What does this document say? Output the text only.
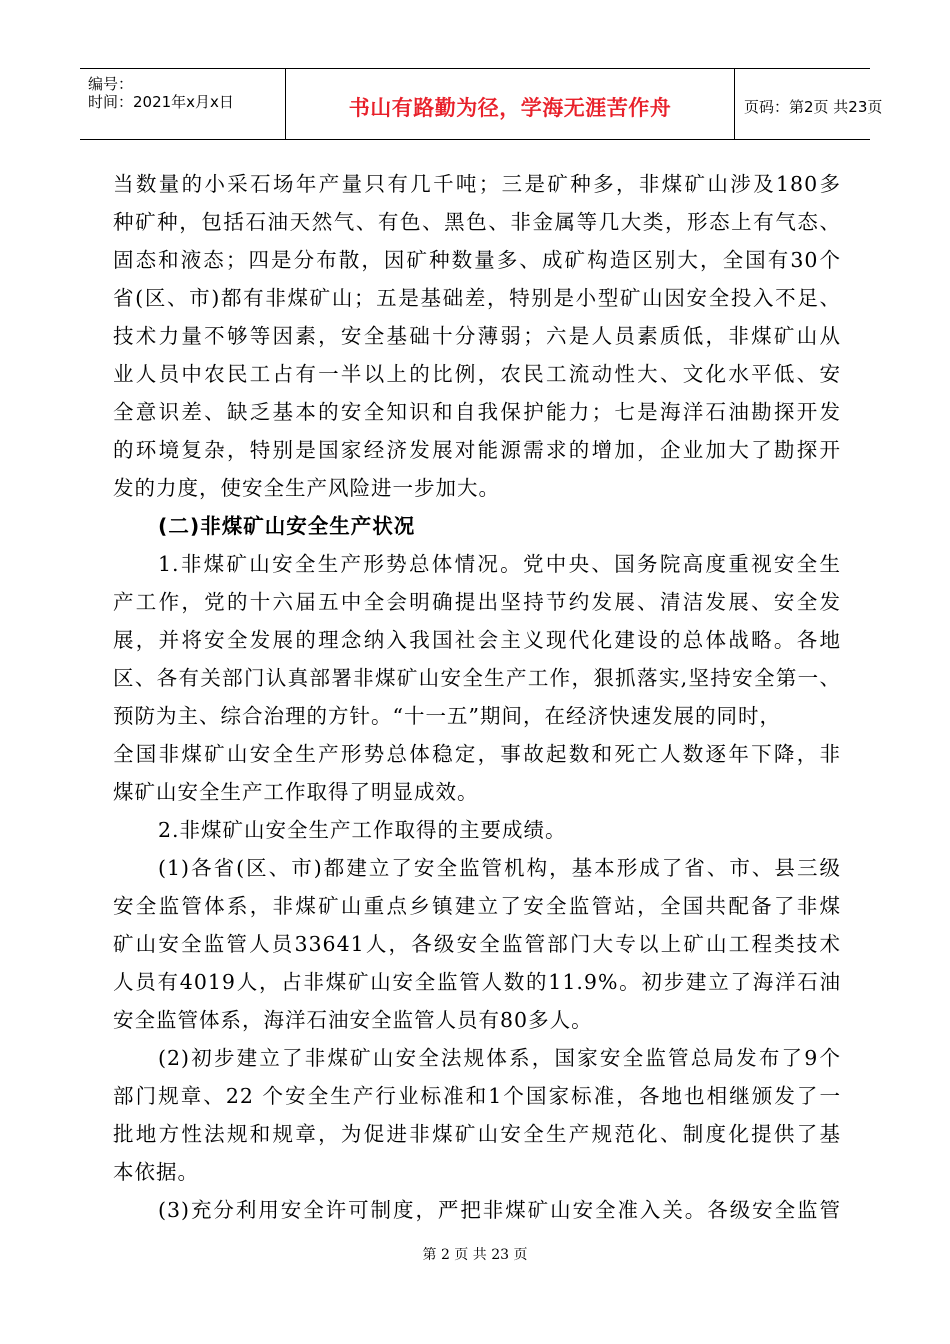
编号：
时间：2021年x月x日	书山有路勤为径，学海无涯苦作舟	页码：第2页 共23页
当数量的小采石场年产量只有几千吨；三是矿种多，非煤矿山涉及180多
种矿种，包括石油天然气、有色、黑色、非金属等几大类，形态上有气态、
固态和液态；四是分布散，因矿种数量多、成矿构造区别大，全国有30个
省(区、市)都有非煤矿山；五是基础差，特别是小型矿山因安全投入不足、
技术力量不够等因素，安全基础十分薄弱；六是人员素质低，非煤矿山从
业人员中农民工占有一半以上的比例，农民工流动性大、文化水平低、安
全意识差、缺乏基本的安全知识和自我保护能力；七是海洋石油勘探开发
的环境复杂，特别是国家经济发展对能源需求的增加，企业加大了勘探开
发的力度，使安全生产风险进一步加大。
(二)非煤矿山安全生产状况
1.非煤矿山安全生产形势总体情况。党中央、国务院高度重视安全生
产工作，党的十六届五中全会明确提出坚持节约发展、清洁发展、安全发
展，并将安全发展的理念纳入我国社会主义现代化建设的总体战略。各地
区、各有关部门认真部署非煤矿山安全生产工作，狠抓落实,坚持安全第一、
预防为主、综合治理的方针。“十一五”期间，在经济快速发展的同时，
全国非煤矿山安全生产形势总体稳定，事故起数和死亡人数逐年下降，非
煤矿山安全生产工作取得了明显成效。
2.非煤矿山安全生产工作取得的主要成绩。
(1)各省(区、市)都建立了安全监管机构，基本形成了省、市、县三级
安全监管体系，非煤矿山重点乡镇建立了安全监管站，全国共配备了非煤
矿山安全监管人员33641人，各级安全监管部门大专以上矿山工程类技术
人员有4019人，占非煤矿山安全监管人数的11.9%。初步建立了海洋石油
安全监管体系，海洋石油安全监管人员有80多人。
(2)初步建立了非煤矿山安全法规体系，国家安全监管总局发布了9个
部门规章、22 个安全生产行业标准和1个国家标准，各地也相继颁发了一
批地方性法规和规章，为促进非煤矿山安全生产规范化、制度化提供了基
本依据。
(3)充分利用安全许可制度，严把非煤矿山安全准入关。各级安全监管
第 2 页 共 23 页
